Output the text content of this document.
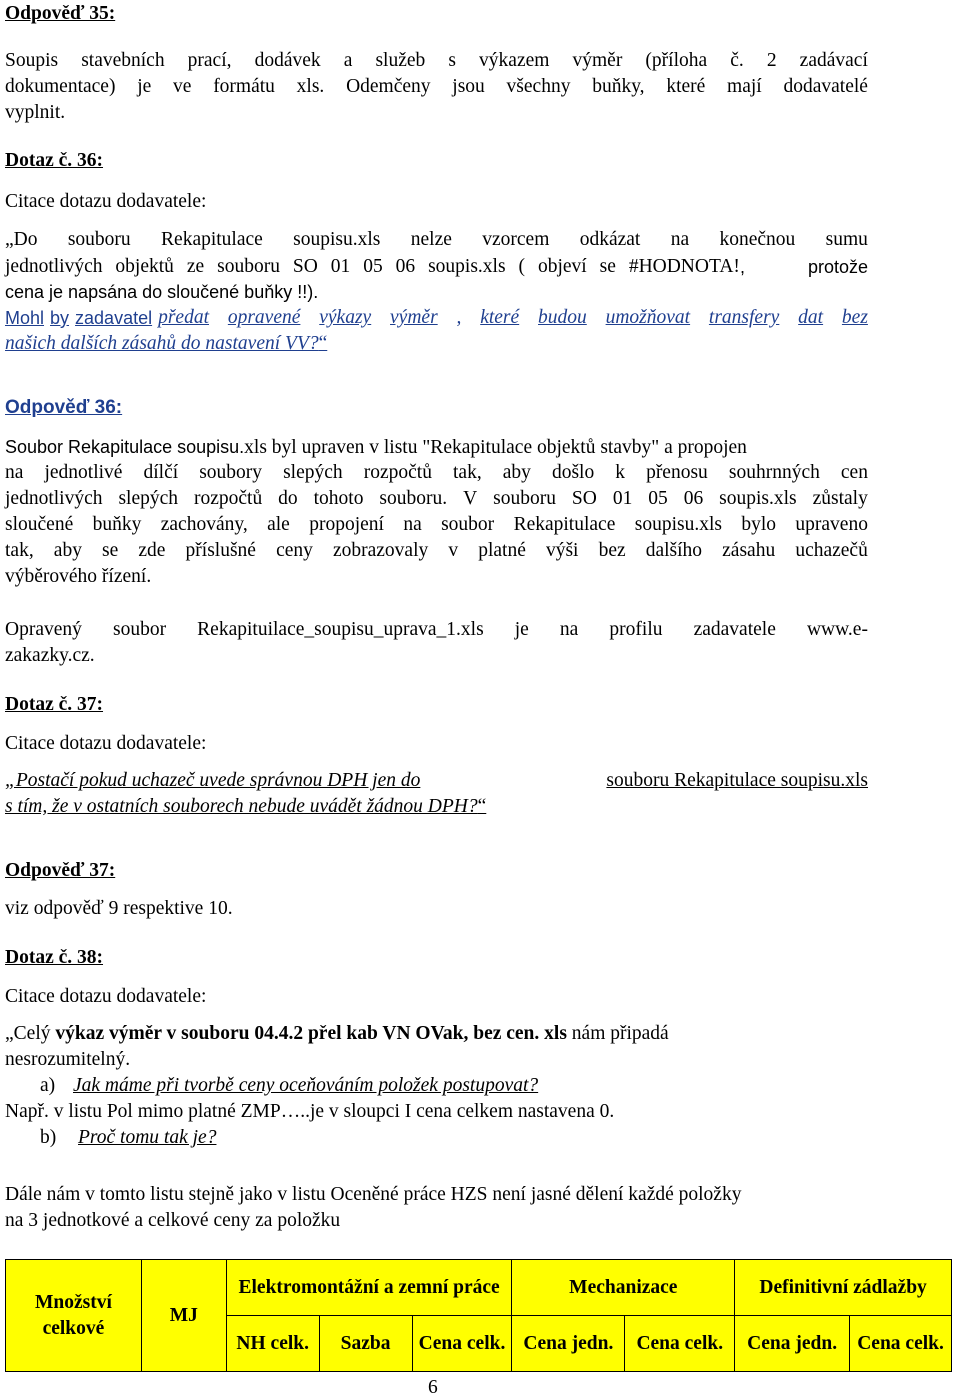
Odpověď 35:
Soupis stavebních prací, dodávek a služeb s výkazem výměr (příloha č. 2 zadávací
dokumentace) je ve formátu xls. Odemčeny jsou všechny buňky, které mají dodavatelé
vyplnit.
Dotaz č. 36:
Citace dotazu dodavatele:
„Do souboru Rekapitulace soupisu.xls nelze vzorcem odkázat na konečnou sumu
jednotlivých objektů ze souboru SO 01 05 06 soupis.xls ( objeví se #HODNOTA! ,	protože
cena je napsána do sloučené buňky !!).
Mohl by zadavatel předat opravené výkazy výměr , které budou umožňovat transfery dat bez
našich dalších zásahů do nastavení VV?“
Odpověď 36:
Soubor Rekapitulace soupisu.xls byl upraven v listu "Rekapitulace objektů stavby" a propojen
na jednotlivé dílčí soubory slepých rozpočtů tak, aby došlo k přenosu souhrnných cen
jednotlivých slepých rozpočtů do tohoto souboru. V souboru SO 01 05 06 soupis.xls zůstaly
sloučené buňky zachovány, ale propojení na soubor Rekapitulace soupisu.xls bylo upraveno
tak, aby se zde příslušné ceny zobrazovaly v platné výši bez dalšího zásahu uchazečů
výběrového řízení.
Opravený soubor Rekapituilace_soupisu_uprava_1.xls je na profilu zadavatele www.e-
zakazky.cz.
Dotaz č. 37:
Citace dotazu dodavatele:
„Postačí pokud uchazeč uvede správnou DPH jen do	souboru Rekapitulace soupisu.xls
s tím, že v ostatních souborech nebude uvádět žádnou DPH?“
Odpověď 37:
viz odpověď 9 respektive 10.
Dotaz č. 38:
Citace dotazu dodavatele:
„Celý výkaz výměr v souboru 04.4.2 přel kab VN OVak, bez cen. xls nám připadá
nesrozumitelný.
a) Jak máme při tvorbě ceny oceňováním položek postupovat?
Např. v listu Pol mimo platné ZMP…..je v sloupci I cena celkem nastavena 0.
b) Proč tomu tak je?
Dále nám v tomto listu stejně jako v listu Oceněné práce HZS není jasné dělení každé položky
na 3 jednotkové a celkové ceny za položku
Množství celkové	MJ	Elektromontážní a zemní práce			Mechanizace		Definitivní zádlažby	
		NH celk.	Sazba	Cena celk.	Cena jedn.	Cena celk.	Cena jedn.	Cena celk.
6
